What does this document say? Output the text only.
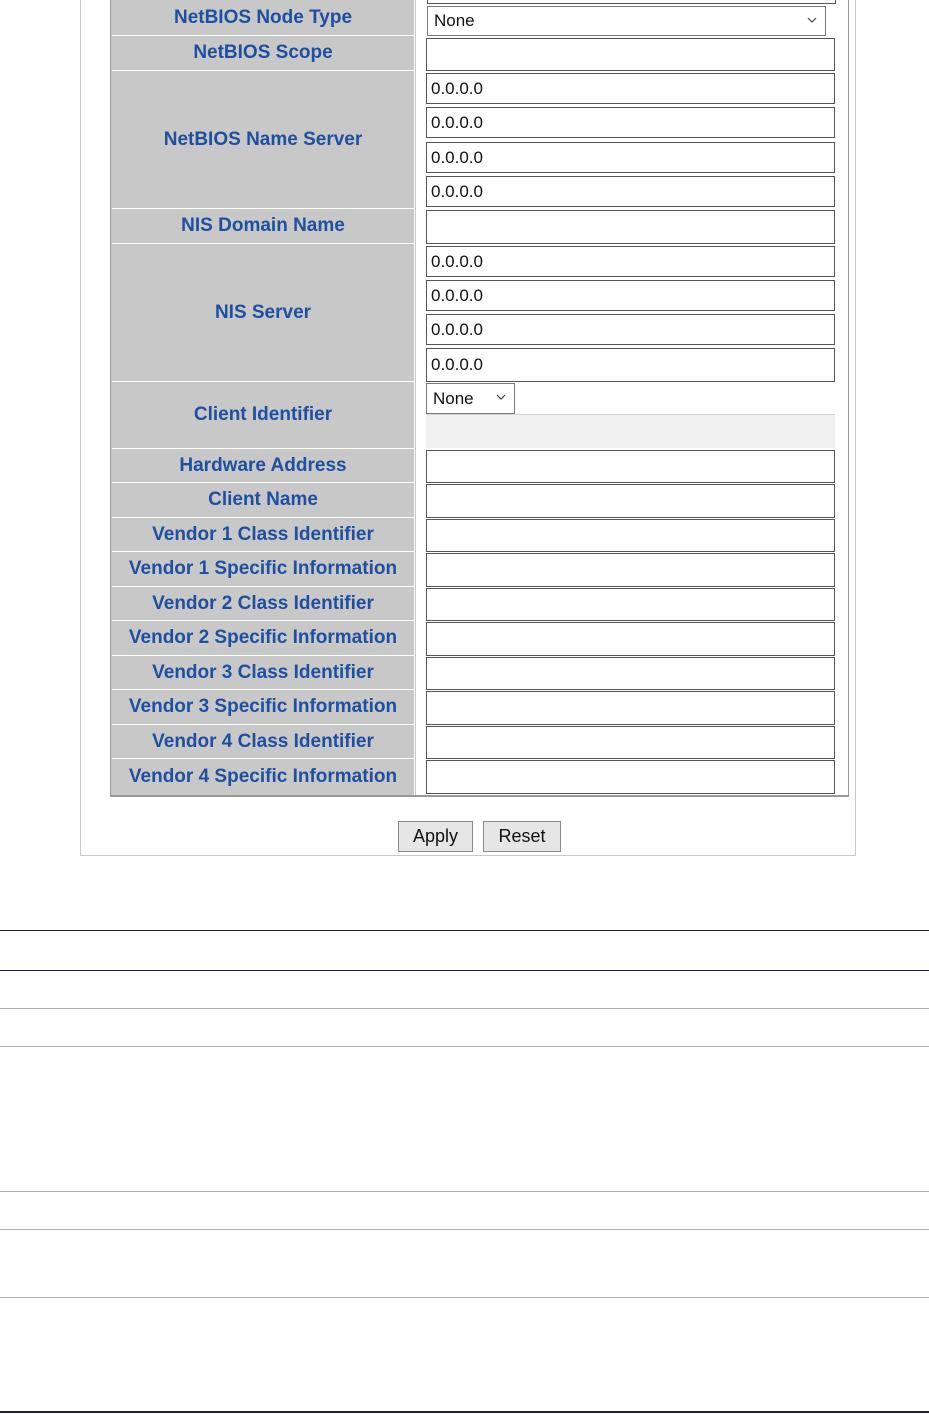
NetBIOS Node Type
NetBIOS Scope
NetBIOS Name Server
NIS Domain Name
NIS Server
Client Identifier
Hardware Address
Client Name
Vendor 1 Class Identifier
Vendor 1 Specific Information
Vendor 2 Class Identifier
Vendor 2 Specific Information
Vendor 3 Class Identifier
Vendor 3 Specific Information
Vendor 4 Class Identifier
Vendor 4 Specific Information
None
0.0.0.0
0.0.0.0
0.0.0.0
0.0.0.0
0.0.0.0
0.0.0.0
0.0.0.0
0.0.0.0
None
Apply	Reset
